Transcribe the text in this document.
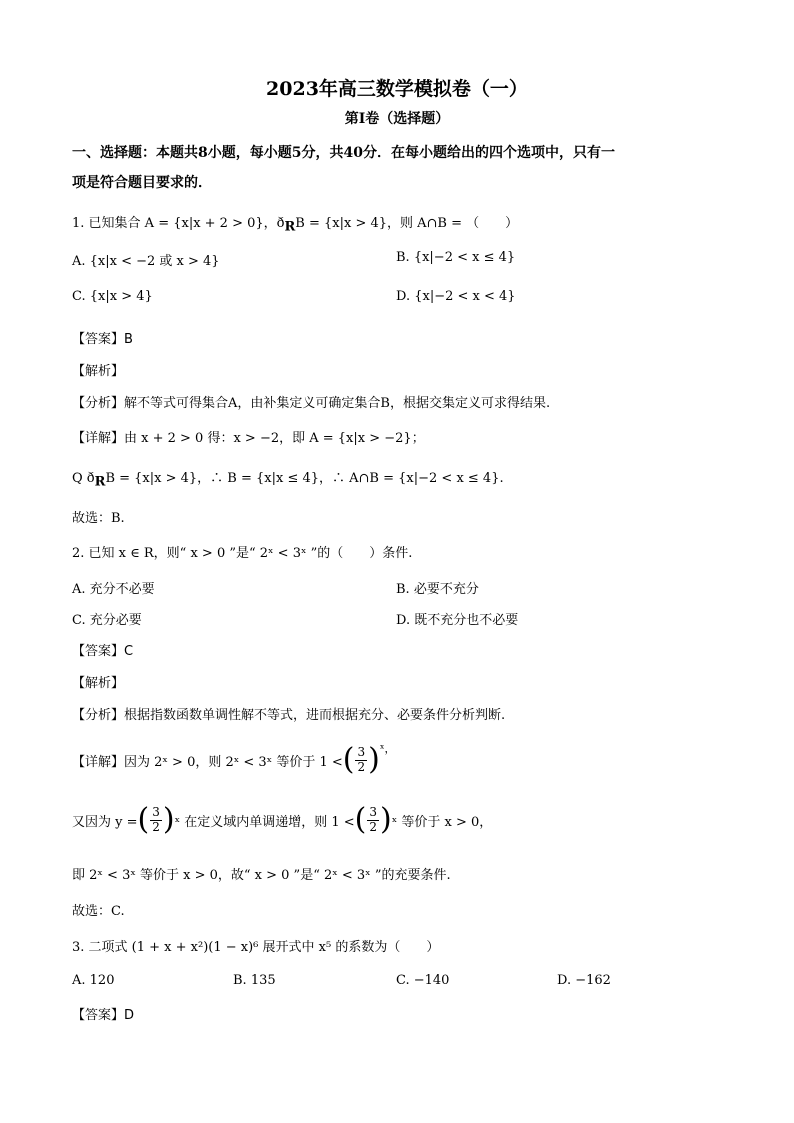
2023年高三数学模拟卷（一）
第I卷（选择题）
一、选择题：本题共8小题，每小题5分，共40分．在每小题给出的四个选项中，只有一
项是符合题目要求的．
1. 已知集合 A = {x|x + 2 > 0}，$ð_RB = \{x|x > 4\}$，则 A∩B = （　　）
A. {x|x < −2 或 x > 4}	B. {x|−2 < x ≤ 4}
C. {x|x > 4}	D. {x|−2 < x < 4}
【答案】B
【解析】
【分析】解不等式可得集合A，由补集定义可确定集合B，根据交集定义可求得结果.
【详解】由 x + 2 > 0 得：x > −2，即 A = {x|x > −2}；
Q $ð_RB = \{x|x > 4\}$，∴ B = {x|x ≤ 4}，∴ A∩B = {x|−2 < x ≤ 4}.
故选：B.
2. 已知 x ∈ R，则“ x > 0 ”是“ 2ˣ < 3ˣ ”的（　　）条件.
A. 充分不必要	B. 必要不充分
C. 充分必要	D. 既不充分也不必要
【答案】C
【解析】
【分析】根据指数函数单调性解不等式，进而根据充分、必要条件分析判断.
【详解】因为 2ˣ > 0，则 2ˣ < 3ˣ 等价于 1 < ( 3
2 ) ˣ，
又因为 y = ( 3
2 ) ˣ 在定义域内单调递增，则 1 < ( 3
2 ) ˣ 等价于 x > 0，
即 2ˣ < 3ˣ 等价于 x > 0，故“ x > 0 ”是“ 2ˣ < 3ˣ ”的充要条件.
故选：C.
3. 二项式 (1 + x + x²)(1 − x)⁶ 展开式中 x⁵ 的系数为（　　）
A. 120	B. 135	C. −140	D. −162
【答案】D
